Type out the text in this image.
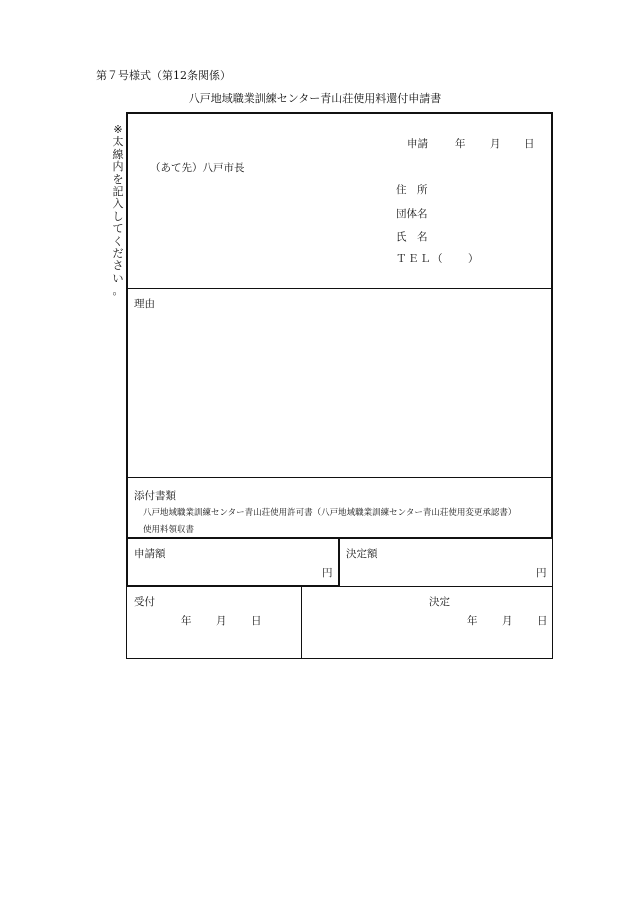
第７号様式（第12条関係）
八戸地域職業訓練センター青山荘使用料還付申請書
※
太
線
内
を
記
入
し
て
く
だ
さ
い
。
申請	年 月 日
（あて先）八戸市長
住　所
団体名
氏　名
ＴＥＬ（　　）
理由
添付書類
八戸地域職業訓練センター青山荘使用許可書（八戸地域職業訓練センター青山荘使用変更承認書）
使用料領収書
申請額
円
決定額
円
受付
年 月 日
決定
年 月 日
